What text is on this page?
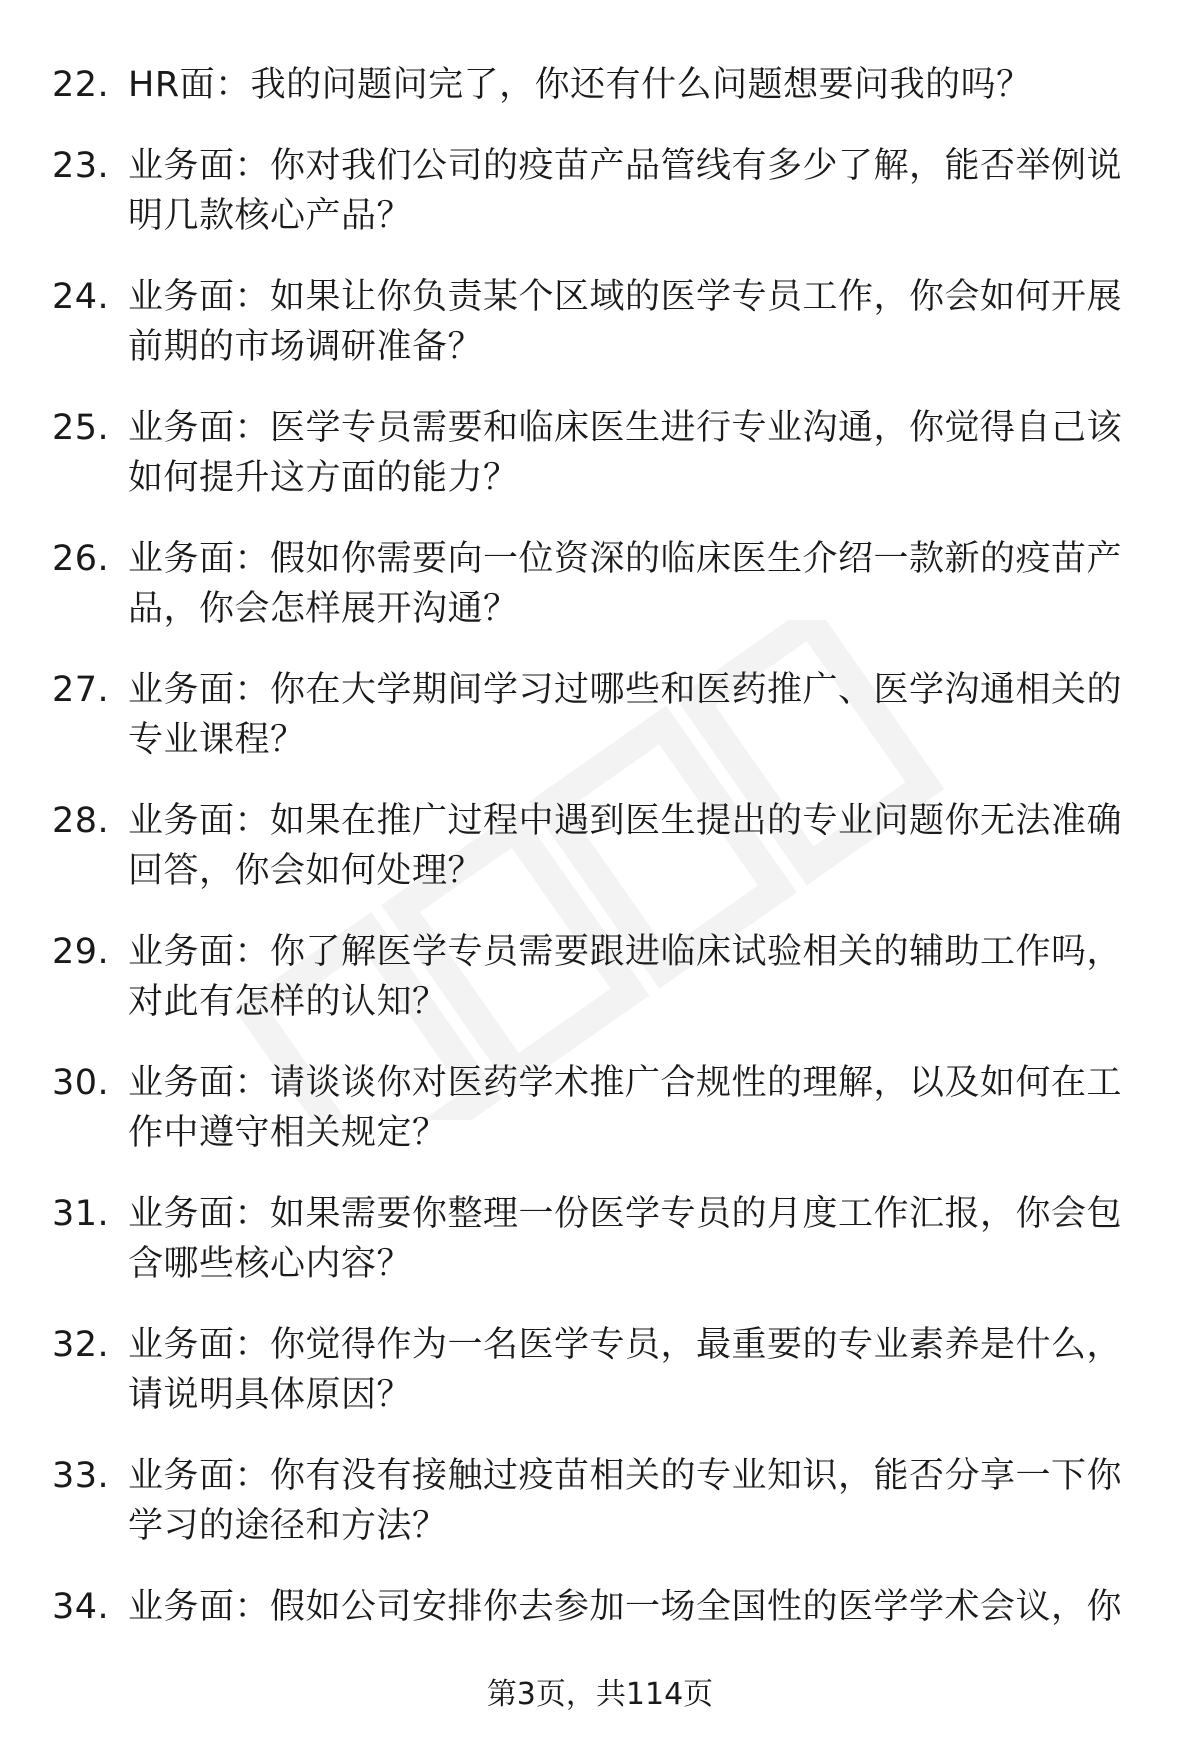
22. HR面：我的问题问完了，你还有什么问题想要问我的吗？
23. 业务面：你对我们公司的疫苗产品管线有多少了解，能否举例说明几款核心产品？
24. 业务面：如果让你负责某个区域的医学专员工作，你会如何开展前期的市场调研准备？
25. 业务面：医学专员需要和临床医生进行专业沟通，你觉得自己该如何提升这方面的能力？
26. 业务面：假如你需要向一位资深的临床医生介绍一款新的疫苗产品，你会怎样展开沟通？
27. 业务面：你在大学期间学习过哪些和医药推广、医学沟通相关的专业课程？
28. 业务面：如果在推广过程中遇到医生提出的专业问题你无法准确回答，你会如何处理？
29. 业务面：你了解医学专员需要跟进临床试验相关的辅助工作吗，对此有怎样的认知？
30. 业务面：请谈谈你对医药学术推广合规性的理解，以及如何在工作中遵守相关规定？
31. 业务面：如果需要你整理一份医学专员的月度工作汇报，你会包含哪些核心内容？
32. 业务面：你觉得作为一名医学专员，最重要的专业素养是什么，请说明具体原因？
33. 业务面：你有没有接触过疫苗相关的专业知识，能否分享一下你学习的途径和方法？
34. 业务面：假如公司安排你去参加一场全国性的医学学术会议，你
第3页，共114页
